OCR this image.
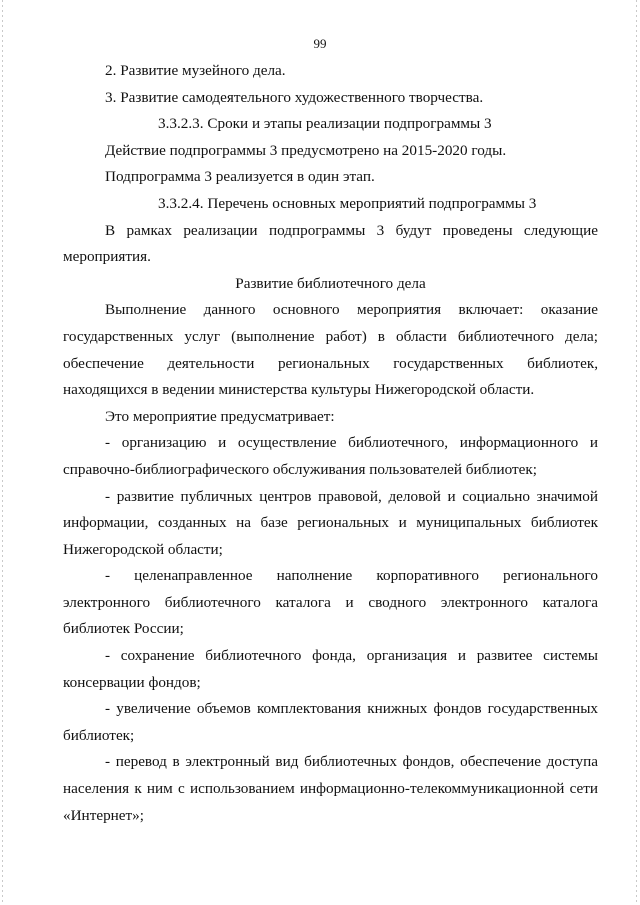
99

2. Развитие музейного дела.

3. Развитие самодеятельного художественного творчества.

3.3.2.3. Сроки и этапы реализации подпрограммы 3

Действие подпрограммы 3 предусмотрено на 2015-2020 годы.

Подпрограмма 3 реализуется в один этап.

3.3.2.4. Перечень основных мероприятий подпрограммы 3

В рамках реализации подпрограммы 3 будут проведены следующие мероприятия.

Развитие библиотечного дела

Выполнение данного основного мероприятия включает: оказание государственных услуг (выполнение работ) в области библиотечного дела; обеспечение деятельности региональных государственных библиотек, находящихся в ведении министерства культуры Нижегородской области.

Это мероприятие предусматривает:

- организацию и осуществление библиотечного, информационного и справочно-библиографического обслуживания пользователей библиотек;

- развитие публичных центров правовой, деловой и социально значимой информации, созданных на базе региональных и муниципальных библиотек Нижегородской области;

- целенаправленное наполнение корпоративного регионального электронного библиотечного каталога и сводного электронного каталога библиотек России;

- сохранение библиотечного фонда, организация и развитее системы консервации фондов;

- увеличение объемов комплектования книжных фондов государственных библиотек;

- перевод в электронный вид библиотечных фондов, обеспечение доступа населения к ним с использованием информационно-телекоммуникационной сети «Интернет»;
